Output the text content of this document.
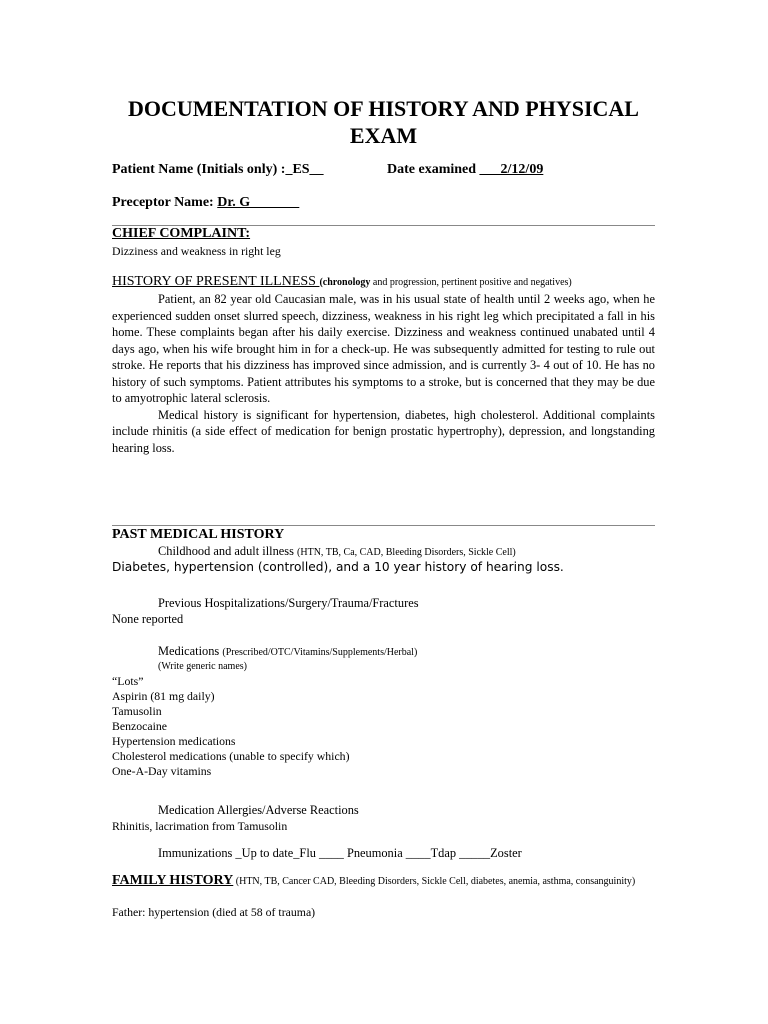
DOCUMENTATION OF HISTORY AND PHYSICAL EXAM
Patient Name (Initials only) :_ES__	Date examined ___2/12/09
Preceptor Name: Dr. G_______
CHIEF COMPLAINT:
Dizziness and weakness in right leg
HISTORY OF PRESENT ILLNESS (chronology and progression, pertinent positive and negatives)

Patient, an 82 year old Caucasian male, was in his usual state of health until 2 weeks ago, when he experienced sudden onset slurred speech, dizziness, weakness in his right leg which precipitated a fall in his home. These complaints began after his daily exercise. Dizziness and weakness continued unabated until 4 days ago, when his wife brought him in for a check-up. He was subsequently admitted for testing to rule out stroke. He reports that his dizziness has improved since admission, and is currently 3- 4 out of 10. He has no history of such symptoms. Patient attributes his symptoms to a stroke, but is concerned that they may be due to amyotrophic lateral sclerosis.

Medical history is significant for hypertension, diabetes, high cholesterol. Additional complaints include rhinitis (a side effect of medication for benign prostatic hypertrophy), depression, and longstanding hearing loss.

PAST MEDICAL HISTORY
Childhood and adult illness (HTN, TB, Ca, CAD, Bleeding Disorders, Sickle Cell)
Diabetes, hypertension (controlled), and a 10 year history of hearing loss.
Previous Hospitalizations/Surgery/Trauma/Fractures
None reported
Medications (Prescribed/OTC/Vitamins/Supplements/Herbal)
(Write generic names)
“Lots”
Aspirin (81 mg daily)
Tamusolin
Benzocaine
Hypertension medications
Cholesterol medications (unable to specify which)
One-A-Day vitamins
Medication Allergies/Adverse Reactions
Rhinitis, lacrimation from Tamusolin
Immunizations _Up to date_Flu ____ Pneumonia ____Tdap _____Zoster
FAMILY HISTORY (HTN, TB, Cancer CAD, Bleeding Disorders, Sickle Cell, diabetes, anemia, asthma, consanguinity)
Father: hypertension (died at 58 of trauma)
